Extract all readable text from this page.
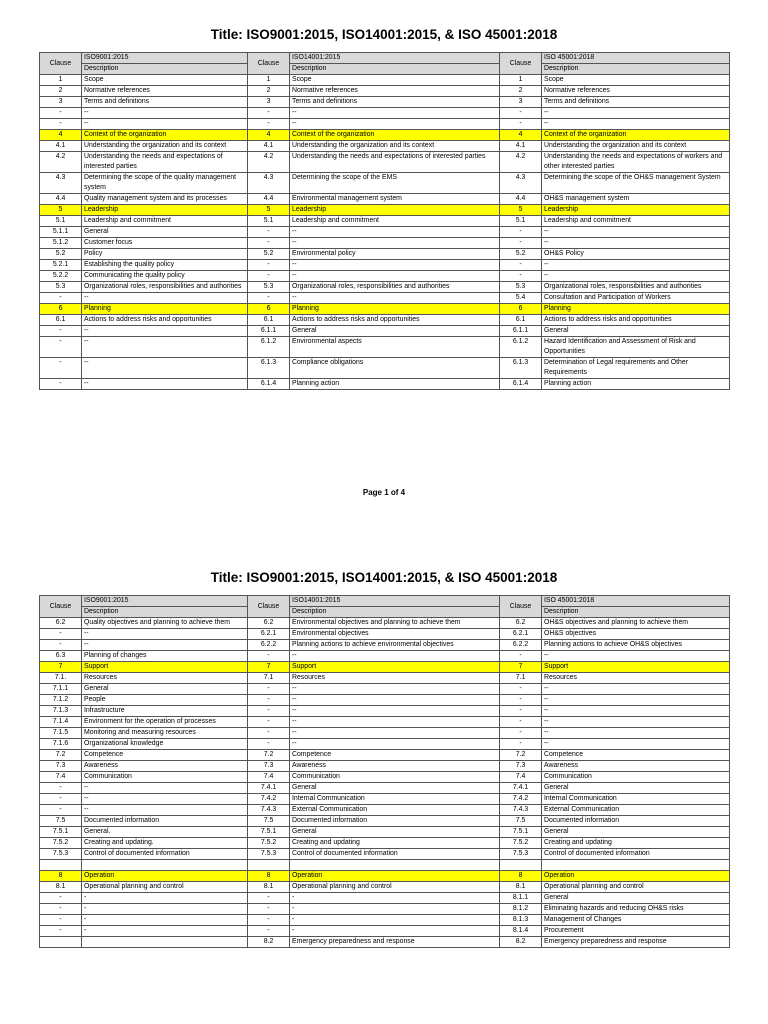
Title: ISO9001:2015, ISO14001:2015, & ISO 45001:2018
Clause	ISO9001:2015	Clause	ISO14001:2015	Clause	ISO 45001:2018
	Description		Description		Description
1	Scope	1	Scope	1	Scope
2	Normative references	2	Normative references	2	Normative references
3	Terms and definitions	3	Terms and definitions	3	Terms and definitions
-	--	-	--	-	--
-	--	-	--	-	--
4	Context of the organization	4	Context of the organization	4	Context of the organization
4.1	Understanding the organization and its context	4.1	Understanding the organization and its context	4.1	Understanding the organization and its context
4.2	Understanding the needs and expectations of interested parties	4.2	Understanding the needs and expectations of interested parties	4.2	Understanding the needs and expectations of workers and other interested parties
4.3	Determining the scope of the quality management system	4.3	Determining the scope of the EMS	4.3	Determining the scope of the OH&S management System
4.4	Quality management system and its processes	4.4	Environmental management system	4.4	OH&S management system
5	Leadership	5	Leadership	5	Leadership
5.1	Leadership and commitment	5.1	Leadership and commitment	5.1	Leadership and commitment
5.1.1	General	-	--	-	--
5.1.2	Customer focus	-	--	-	--
5.2	Policy	5.2	Environmental policy	5.2	OH&S Policy
5.2.1	Establishing the quality policy	-	--	-	--
5.2.2	Communicating the quality policy	-	--	-	--
5.3	Organizational roles, responsibilities and authorities	5.3	Organizational roles, responsibilities and authorities	5.3	Organizational roles, responsibilities and authorities
-	--	-	--	5.4	Consultation and Participation of Workers
6	Planning	6	Planning	6	Planning
6.1	Actions to address risks and opportunities	6.1	Actions to address risks and opportunities	6.1	Actions to address risks and opportunities
-	--	6.1.1	General	6.1.1	General
-	--	6.1.2	Environmental aspects	6.1.2	Hazard Identification and Assessment of Risk and Opportunities
-	--	6.1.3	Compliance obligations	6.1.3	Determination of Legal requirements and Other Requirements
-	--	6.1.4	Planning action	6.1.4	Planning action
Page 1 of 4
Title: ISO9001:2015, ISO14001:2015, & ISO 45001:2018
Clause	ISO9001:2015	Clause	ISO14001:2015	Clause	ISO 45001:2018
	Description		Description		Description
6.2	Quality objectives and planning to achieve them	6.2	Environmental objectives and planning to achieve them	6.2	OH&S objectives and planning to achieve them
-	--	6.2.1	Environmental objectives	6.2.1	OH&S objectives
-	--	6.2.2	Planning actions to achieve environmental objectives	6.2.2	Planning actions to achieve OH&S objectives
6.3	Planning of changes	-	--	-	--
7	Support	7	Support	7	Support
7.1.	Resources	7.1	Resources	7.1	Resources
7.1.1	General	-	--	-	--
7.1.2	People	-	--	-	--
7.1.3	Infrastructure	-	--	-	--
7.1.4	Environment for the operation of processes	-	--	-	--
7.1.5	Monitoring and measuring resources	-	--	-	--
7.1.6	Organizational knowledge	-	--	-	--
7.2	Competence	7.2	Competence	7.2	Competence
7.3	Awareness	7.3	Awareness	7.3	Awareness
7.4	Communication	7.4	Communication	7.4	Communication
-	--	7.4.1	General	7.4.1	General
-	--	7.4.2	Internal Communication	7.4.2	Internal Communication
-	--	7.4.3	External Communication	7.4.3	External Communication
7.5	Documented information	7.5	Documented information	7.5	Documented information
7.5.1	General.	7.5.1	General	7.5.1	General
7.5.2	Creating and updating.	7.5.2	Creating and updating	7.5.2	Creating and updating
7.5.3	Control of documented information	7.5.3	Control of documented information	7.5.3	Control of documented information

8	Operation	8	Operation	8	Operation
8.1	Operational planning and control	8.1	Operational planning and control	8.1	Operational planning and control
-	-	-	-	8.1.1	General
-	-	-	-	8.1.2	Eliminating hazards and reducing OH&S risks
-	-	-	-	8.1.3	Management of Changes
-	-	-	-	8.1.4	Procurement
		8.2	Emergency preparedness and response	8.2	Emergency preparedness and response
